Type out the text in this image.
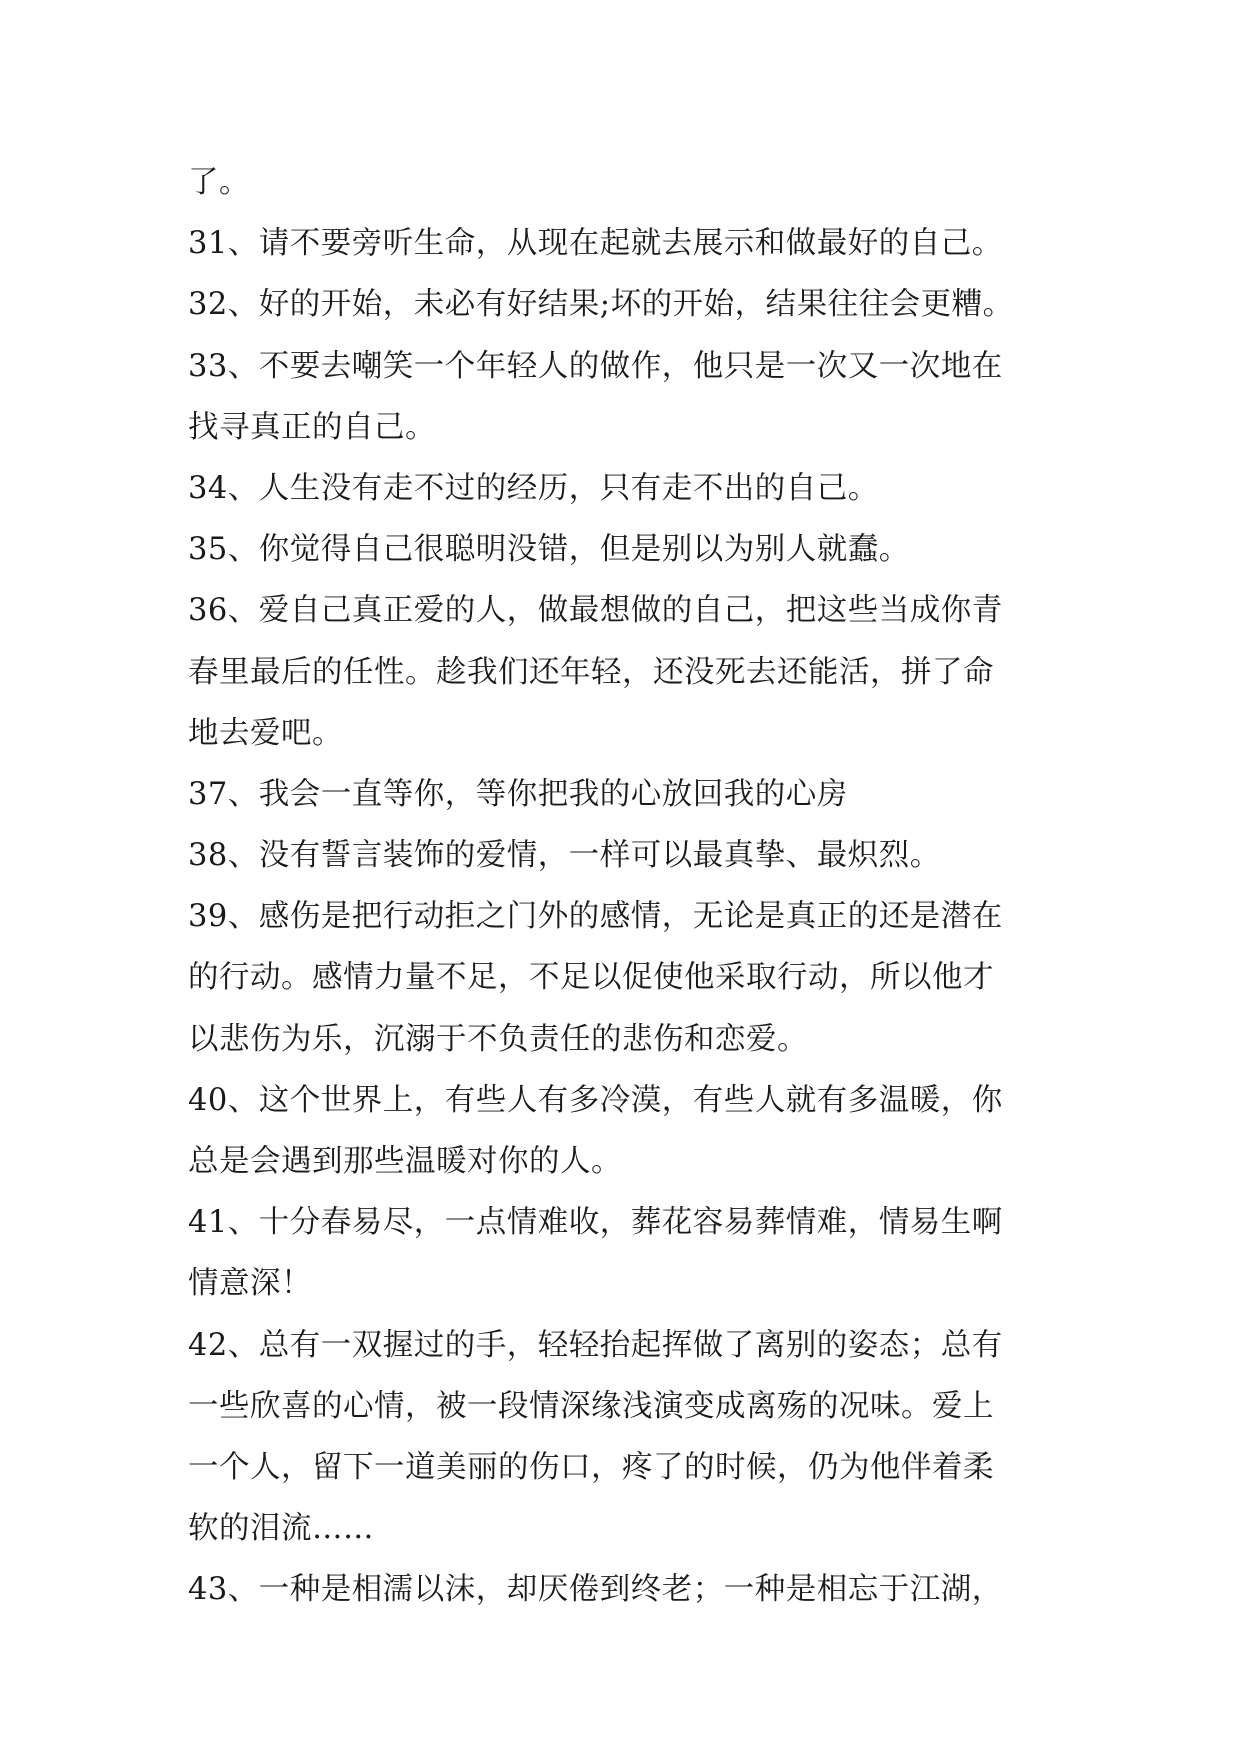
了。
31、请不要旁听生命，从现在起就去展示和做最好的自己。
32、好的开始，未必有好结果;坏的开始，结果往往会更糟。
33、不要去嘲笑一个年轻人的做作，他只是一次又一次地在
找寻真正的自己。
34、人生没有走不过的经历，只有走不出的自己。
35、你觉得自己很聪明没错，但是别以为别人就蠢。
36、爱自己真正爱的人，做最想做的自己，把这些当成你青
春里最后的任性。趁我们还年轻，还没死去还能活，拼了命
地去爱吧。
37、我会一直等你，等你把我的心放回我的心房
38、没有誓言装饰的爱情，一样可以最真挚、最炽烈。
39、感伤是把行动拒之门外的感情，无论是真正的还是潜在
的行动。感情力量不足，不足以促使他采取行动，所以他才
以悲伤为乐，沉溺于不负责任的悲伤和恋爱。
40、这个世界上，有些人有多冷漠，有些人就有多温暖，你
总是会遇到那些温暖对你的人。
41、十分春易尽，一点情难收，葬花容易葬情难，情易生啊
情意深！
42、总有一双握过的手，轻轻抬起挥做了离别的姿态；总有
一些欣喜的心情，被一段情深缘浅演变成离殇的况味。爱上
一个人，留下一道美丽的伤口，疼了的时候，仍为他伴着柔
软的泪流……
43、一种是相濡以沫，却厌倦到终老；一种是相忘于江湖，
